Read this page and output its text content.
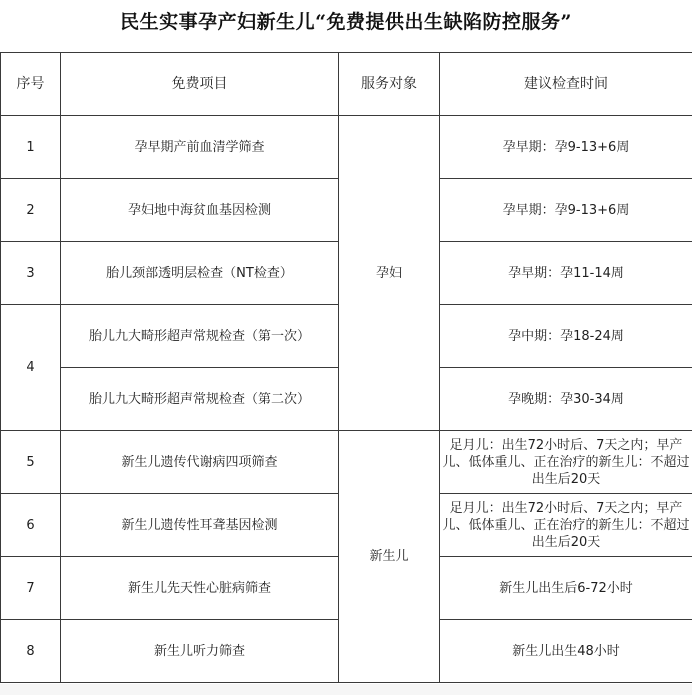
民生实事孕产妇新生儿“免费提供出生缺陷防控服务”
序号	免费项目	服务对象	建议检查时间
1	孕早期产前血清学筛查	孕妇	孕早期：孕9-13+6周
2	孕妇地中海贫血基因检测		孕早期：孕9-13+6周
3	胎儿颈部透明层检查（NT检查）		孕早期：孕11-14周
4	胎儿九大畸形超声常规检查（第一次）		孕中期：孕18-24周
	胎儿九大畸形超声常规检查（第二次）		孕晚期：孕30-34周
5	新生儿遗传代谢病四项筛查	新生儿	足月儿：出生72小时后、7天之内；早产儿、低体重儿、正在治疗的新生儿：不超过出生后20天
6	新生儿遗传性耳聋基因检测		足月儿：出生72小时后、7天之内；早产儿、低体重儿、正在治疗的新生儿：不超过出生后20天
7	新生儿先天性心脏病筛查		新生儿出生后6-72小时
8	新生儿听力筛查		新生儿出生48小时
